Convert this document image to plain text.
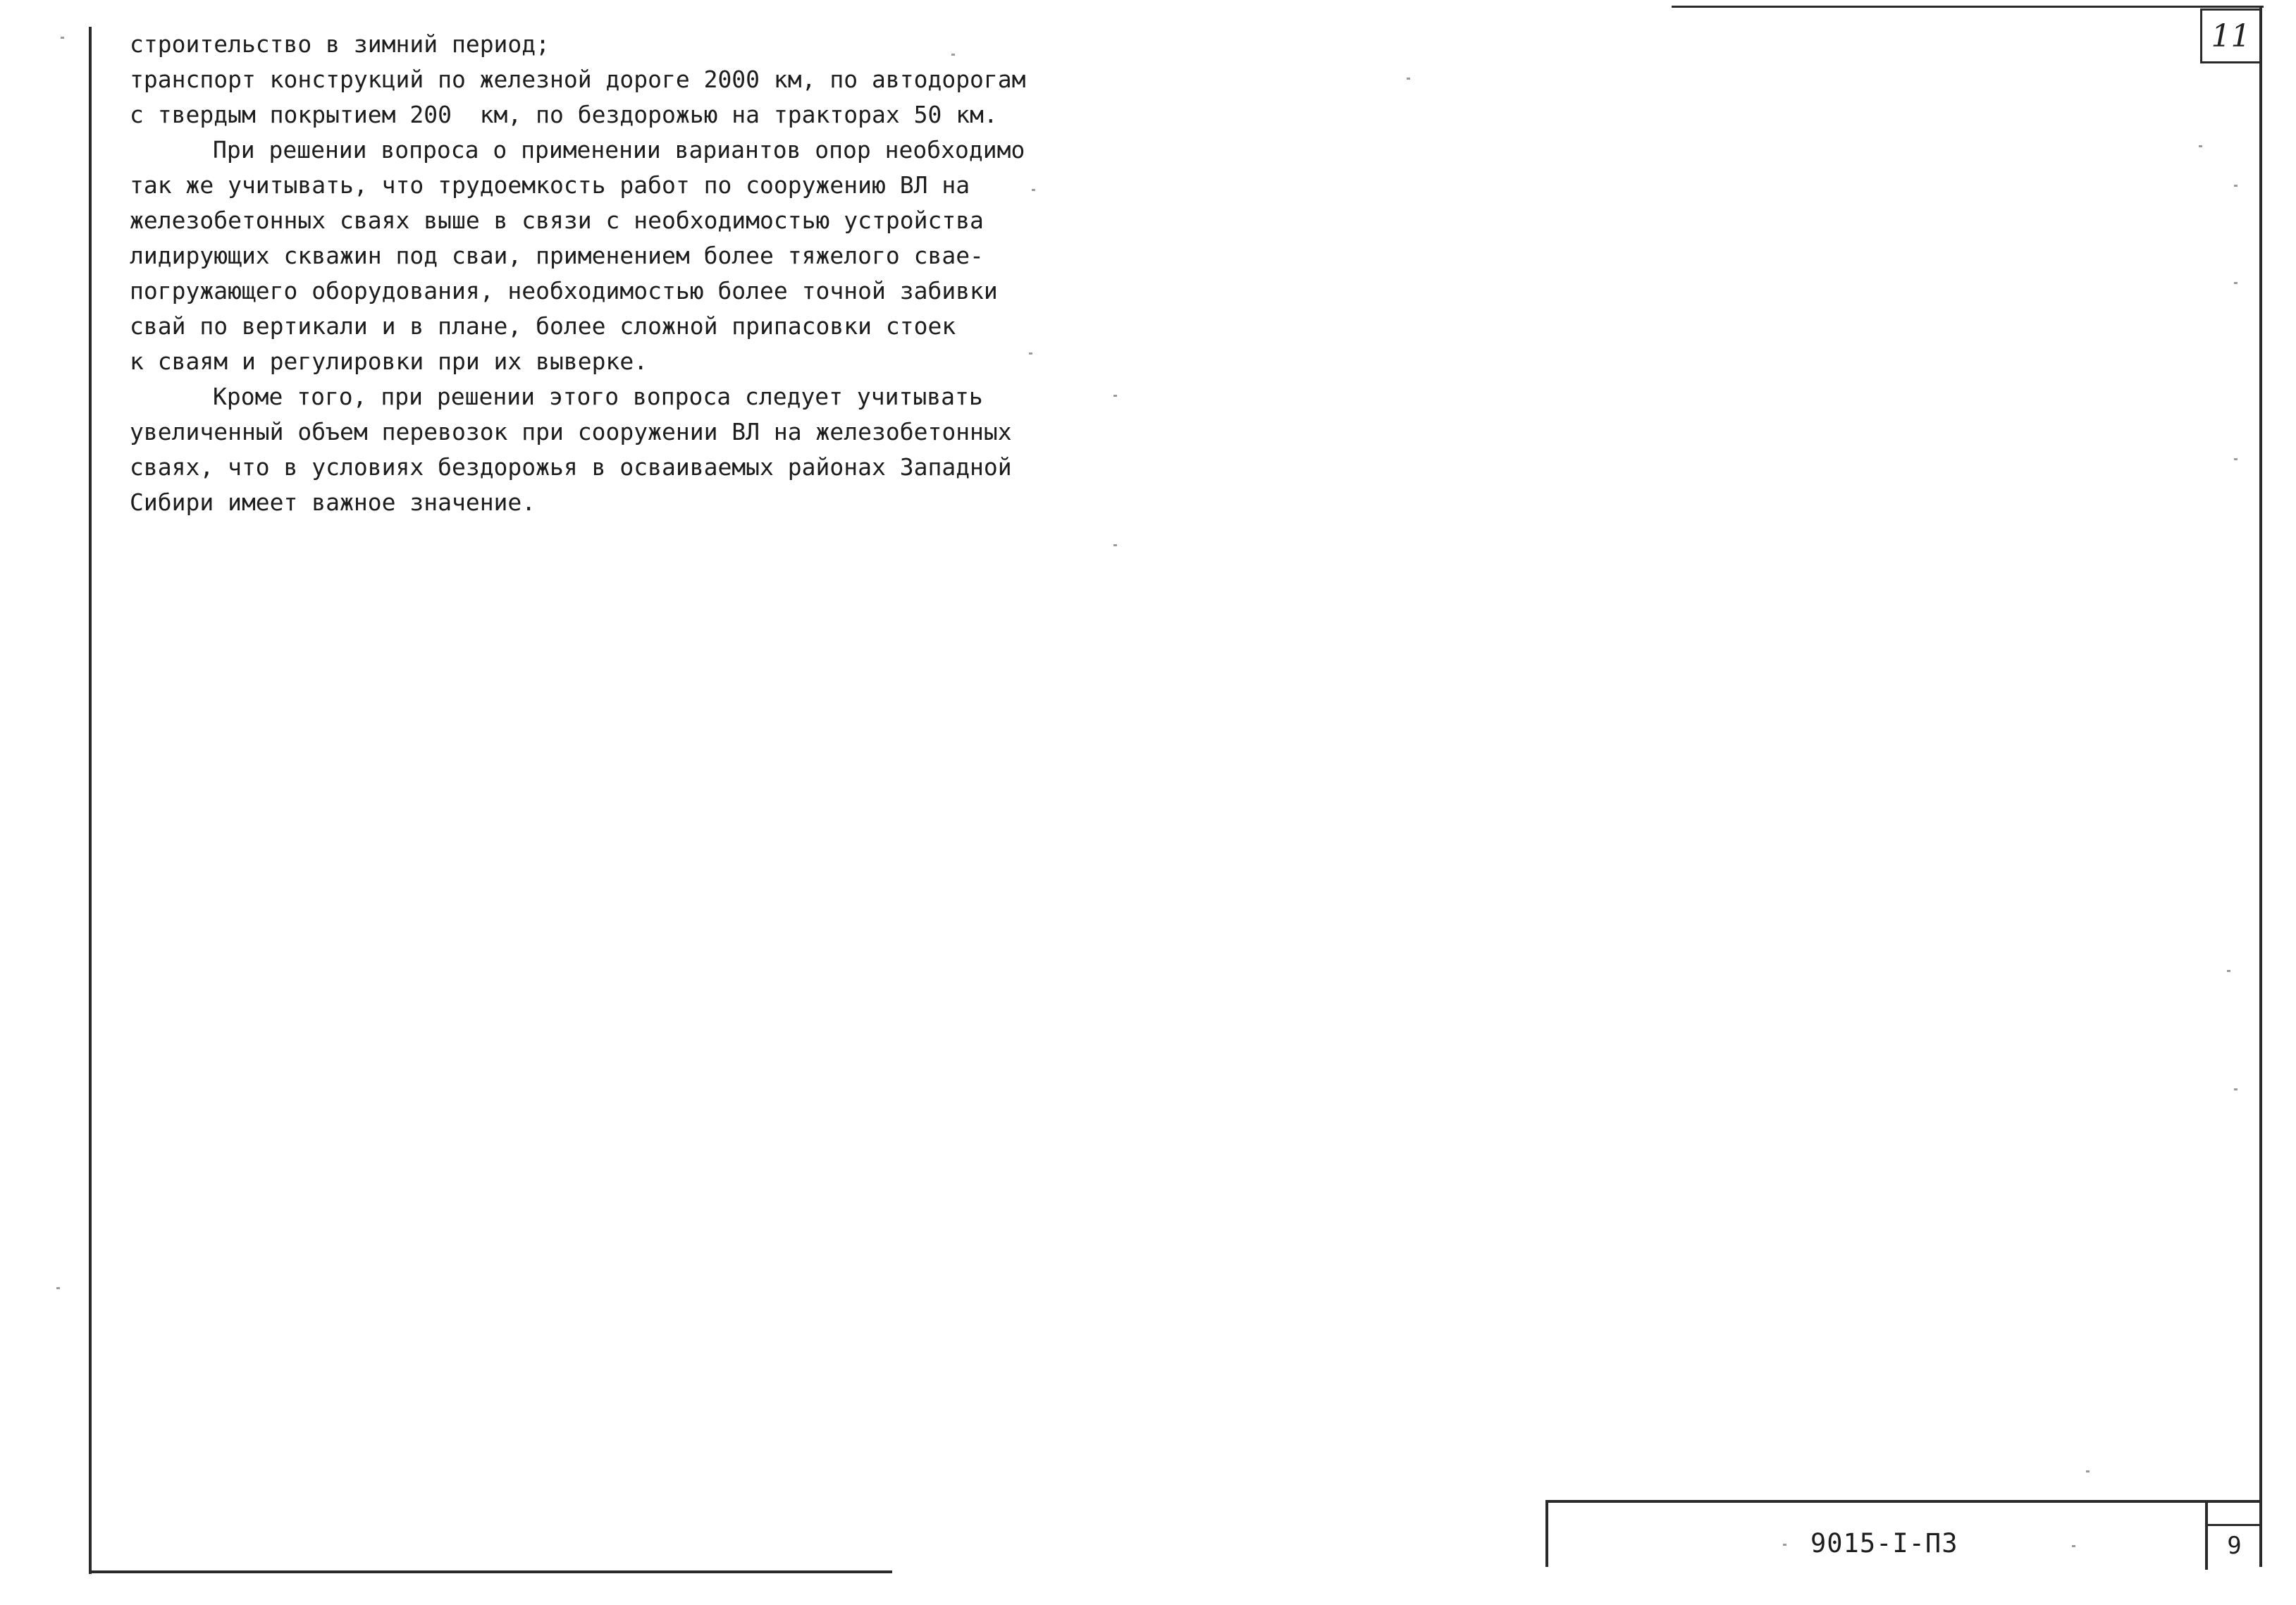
11
строительство в зимний период;
транспорт конструкций по железной дороге 2000 км, по автодорогам
с твердым покрытием 200  км, по бездорожью на тракторах 50 км.
При решении вопроса о применении вариантов опор необходимо
так же учитывать, что трудоемкость работ по сооружению ВЛ на
железобетонных сваях выше в связи с необходимостью устройства
лидирующих скважин под сваи, применением более тяжелого свае-
погружающего оборудования, необходимостью более точной забивки
свай по вертикали и в плане, более сложной припасовки стоек
к сваям и регулировки при их выверке.
Кроме того, при решении этого вопроса следует учитывать
увеличенный объем перевозок при сооружении ВЛ на железобетонных
сваях, что в условиях бездорожья в осваиваемых районах Западной
Сибири имеет важное значение.
9015-I-ПЗ	9
